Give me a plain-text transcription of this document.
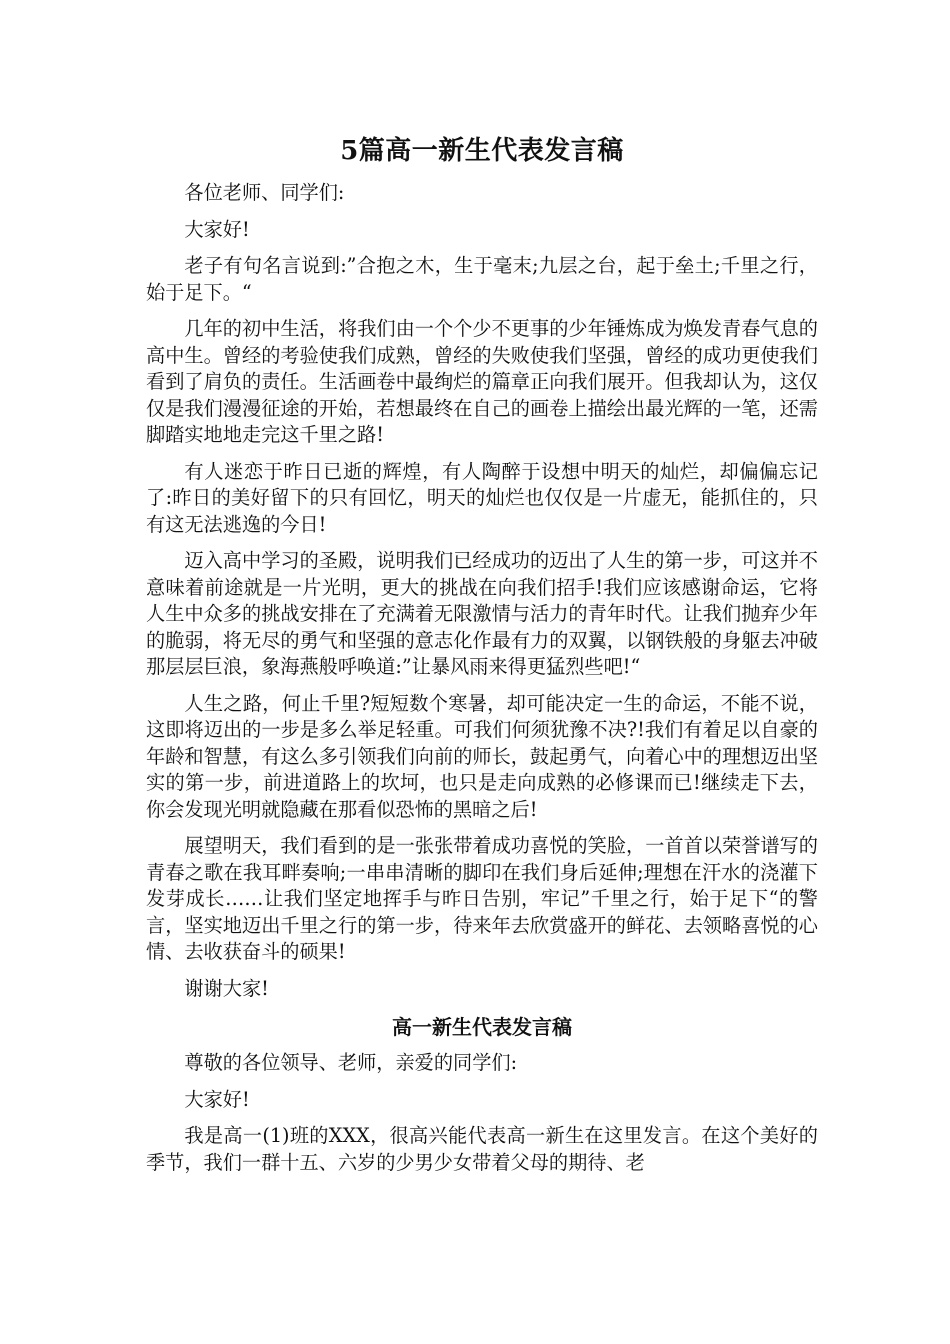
5篇高一新生代表发言稿

各位老师、同学们:

大家好!

老子有句名言说到:”合抱之木，生于毫末;九层之台，起于垒土;千里之行，始于足下。“

几年的初中生活，将我们由一个个少不更事的少年锤炼成为焕发青春气息的高中生。曾经的考验使我们成熟，曾经的失败使我们坚强，曾经的成功更使我们看到了肩负的责任。生活画卷中最绚烂的篇章正向我们展开。但我却认为，这仅仅是我们漫漫征途的开始，若想最终在自己的画卷上描绘出最光辉的一笔，还需脚踏实地地走完这千里之路!

有人迷恋于昨日已逝的辉煌，有人陶醉于设想中明天的灿烂，却偏偏忘记了:昨日的美好留下的只有回忆，明天的灿烂也仅仅是一片虚无，能抓住的，只有这无法逃逸的今日!

迈入高中学习的圣殿，说明我们已经成功的迈出了人生的第一步，可这并不意味着前途就是一片光明，更大的挑战在向我们招手!我们应该感谢命运，它将人生中众多的挑战安排在了充满着无限激情与活力的青年时代。让我们抛弃少年的脆弱，将无尽的勇气和坚强的意志化作最有力的双翼，以钢铁般的身躯去冲破那层层巨浪，象海燕般呼唤道:”让暴风雨来得更猛烈些吧!“

人生之路，何止千里?短短数个寒暑，却可能决定一生的命运，不能不说，这即将迈出的一步是多么举足轻重。可我们何须犹豫不决?!我们有着足以自豪的年龄和智慧，有这么多引领我们向前的师长，鼓起勇气，向着心中的理想迈出坚实的第一步，前进道路上的坎坷，也只是走向成熟的必修课而已!继续走下去，你会发现光明就隐藏在那看似恐怖的黑暗之后!

展望明天，我们看到的是一张张带着成功喜悦的笑脸，一首首以荣誉谱写的青春之歌在我耳畔奏响;一串串清晰的脚印在我们身后延伸;理想在汗水的浇灌下发芽成长……让我们坚定地挥手与昨日告别，牢记”千里之行，始于足下“的警言，坚实地迈出千里之行的第一步，待来年去欣赏盛开的鲜花、去领略喜悦的心情、去收获奋斗的硕果!

谢谢大家!

高一新生代表发言稿

尊敬的各位领导、老师，亲爱的同学们:

大家好!

我是高一(1)班的XXX，很高兴能代表高一新生在这里发言。在这个美好的季节，我们一群十五、六岁的少男少女带着父母的期待、老
